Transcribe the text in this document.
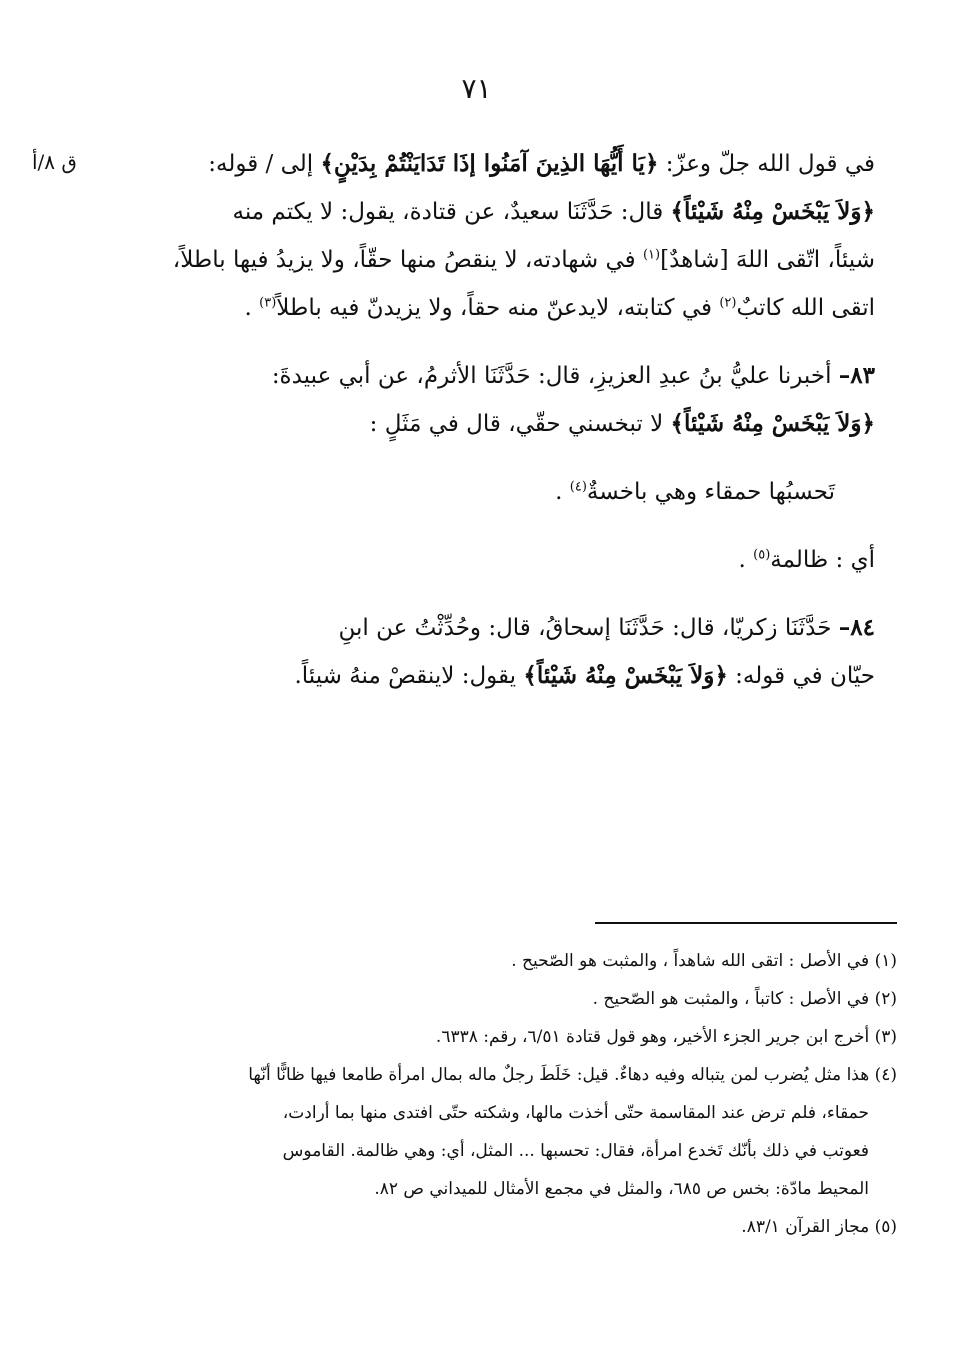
٧١
ق ٨/أ	في قول الله جلّ وعزّ: ﴿يَا أَيُّهَا الذِينَ آمَنُوا إذَا تَدَايَنْتُمْ بِدَيْنٍ﴾ إلى / قوله:
﴿وَلاَ يَبْخَسْ مِنْهُ شَيْئاً﴾ قال: حَدَّثَنَا سعيدٌ، عن قتادة، يقول: لا يكتم منه
شيئاً، اتّقى اللهَ [شاهدٌ]$^{(١)}$ في شهادته، لا ينقصُ منها حقّاً، ولا يزيدُ فيها باطلاً،
اتقى الله كاتبٌ$^{(٢)}$ في كتابته، لايدعنّ منه حقاً، ولا يزيدنّ فيه باطلاً$^{(٣)}$ .
٨٣– أخبرنا عليُّ بنُ عبدِ العزيزِ، قال: حَدَّثَنَا الأثرمُ، عن أبي عبيدةَ:
﴿وَلاَ يَبْخَسْ مِنْهُ شَيْئاً﴾ لا تبخسني حقّي، قال في مَثَلٍ :
تَحسبُها حمقاء وهي باخسةٌ$^{(٤)}$ .
أي : ظالمة$^{(٥)}$ .
٨٤– حَدَّثَنَا زكريّا، قال: حَدَّثَنَا إسحاقُ، قال: وحُدِّثْتُ عن ابنِ
حيّان في قوله: ﴿وَلاَ يَبْخَسْ مِنْهُ شَيْئاً﴾ يقول: لاينقصْ منهُ شيئاً.
(١) في الأصل : اتقى الله شاهداً ، والمثبت هو الصّحيح .
(٢) في الأصل : كاتباً ، والمثبت هو الصّحيح .
(٣) أخرج ابن جرير الجزء الأخير، وهو قول قتادة ٦/٥١، رقم: ٦٣٣٨.
(٤) هذا مثل يُضرب لمن يتباله وفيه دهاءٌ. قيل: خَلَطَ رجلٌ ماله بمال امرأة طامعا فيها ظانًّا أنّها
حمقاء، فلم ترض عند المقاسمة حتّى أخذت مالها، وشكته حتّى افتدى منها بما أرادت،
فعوتب في ذلك بأنّك تَخدع امرأة، فقال: تحسبها ... المثل، أي: وهي ظالمة. القاموس
المحيط مادّة: بخس ص ٦٨٥، والمثل في مجمع الأمثال للميداني ص ٨٢.
(٥) مجاز القرآن ٨٣/١.
